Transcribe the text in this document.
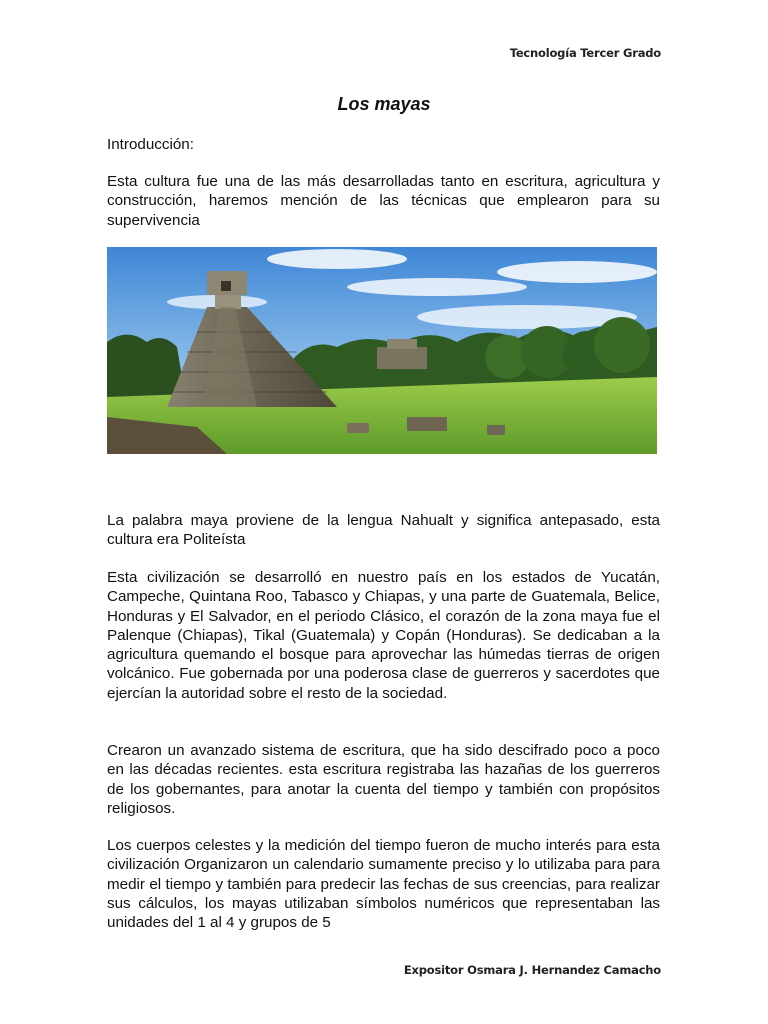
Tecnología Tercer Grado
Los mayas

Introducción:

Esta cultura fue una de las más desarrolladas tanto en escritura, agricultura y construcción, haremos mención de las técnicas que emplearon para su supervivencia

La palabra maya proviene de la lengua Nahualt y significa antepasado, esta cultura era Politeísta

Esta civilización se desarrolló en nuestro país en los estados de Yucatán, Campeche, Quintana Roo, Tabasco y Chiapas, y una parte de Guatemala, Belice, Honduras y El Salvador, en el periodo Clásico, el corazón de la zona maya fue el Palenque (Chiapas), Tikal (Guatemala) y Copán (Honduras). Se dedicaban a la agricultura quemando el bosque para aprovechar las húmedas tierras de origen volcánico. Fue gobernada por una poderosa clase de guerreros y sacerdotes que ejercían la autoridad sobre el resto de la sociedad.

Crearon un avanzado sistema de escritura, que ha sido descifrado poco a poco en las décadas recientes. esta escritura registraba las hazañas de los guerreros de los gobernantes, para anotar la cuenta del tiempo y también con propósitos religiosos.

Los cuerpos celestes y la medición del tiempo fueron de mucho interés para esta civilización Organizaron un calendario sumamente preciso y lo utilizaba para para medir el tiempo y también para predecir las fechas de sus creencias, para realizar sus cálculos, los mayas utilizaban símbolos numéricos que representaban las unidades del 1 al 4 y grupos de 5

Expositor Osmara J. Hernandez Camacho
